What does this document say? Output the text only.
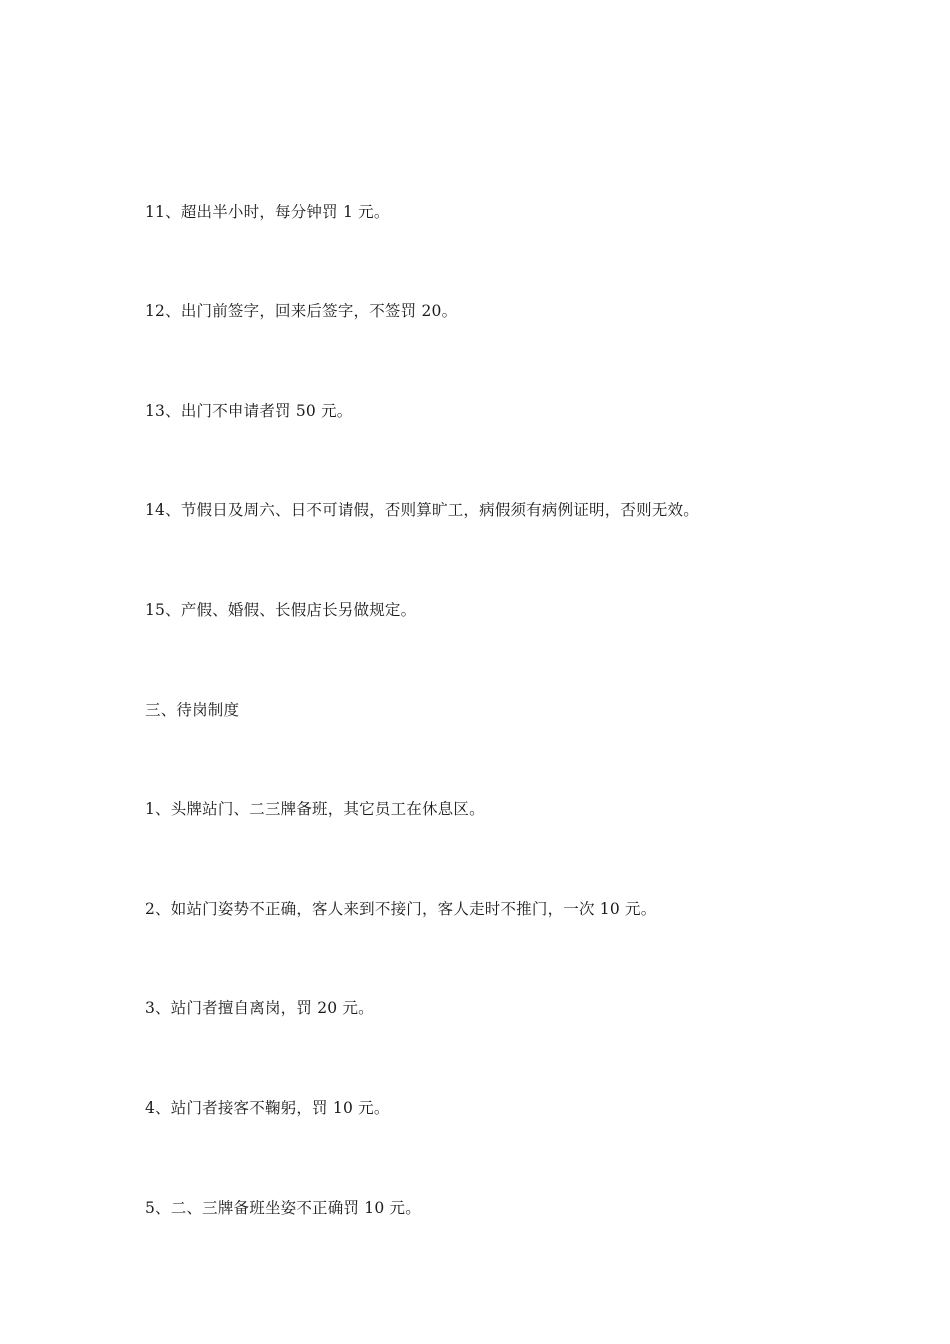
11、超出半小时，每分钟罚 1 元。
12、出门前签字，回来后签字，不签罚 20。
13、出门不申请者罚 50 元。
14、节假日及周六、日不可请假，否则算旷工，病假须有病例证明，否则无效。
15、产假、婚假、长假店长另做规定。
三、待岗制度
1、头牌站门、二三牌备班，其它员工在休息区。
2、如站门姿势不正确，客人来到不接门，客人走时不推门，一次 10 元。
3、站门者擅自离岗，罚 20 元。
4、站门者接客不鞠躬，罚 10 元。
5、二、三牌备班坐姿不正确罚 10 元。
